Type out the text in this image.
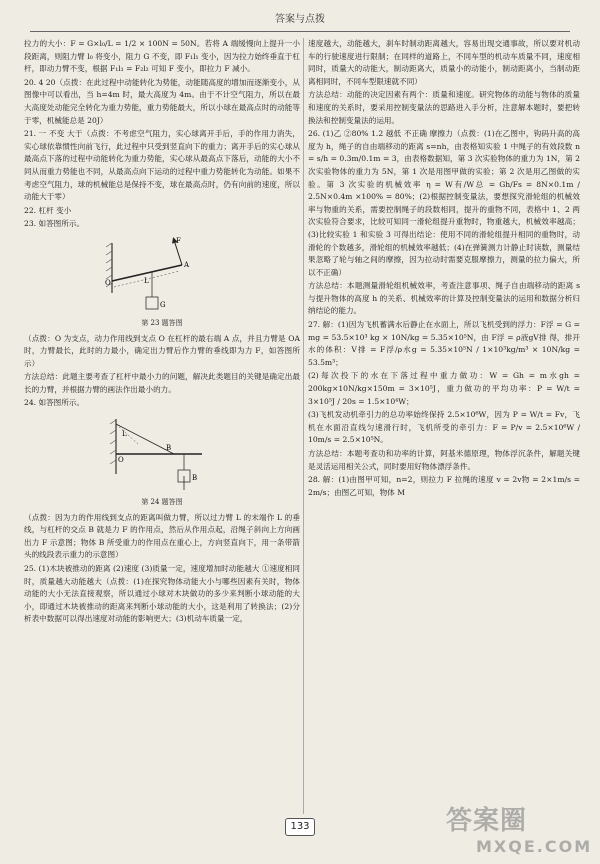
答案与点拨

拉力的大小：F = G×l₀/L = 1/2 × 100N = 50N。若将 A 端缓慢向上提升一小段距离，则阻力臂 l₀ 将变小，阻力 G 不变，即 F₁l₁ 变小，因为拉力始终垂直于杠杆，即动力臂不变，根据 F₁l₁ = F₂l₂ 可知 F 变小，即拉力 F 减小。

20. 4 20（点拨：在此过程中动能转化为势能，动能随高度的增加而逐渐变小，从图像中可以看出，当 h=4m 时，最大高度为 4m。由于不计空气阻力，所以在最大高度处动能完全转化为重力势能，重力势能最大，所以小球在最高点时的动能等于零，机械能总是 20J）

21. 一 不变 大于（点拨：不考虑空气阻力，实心球离开手后，手的作用力消失，实心球依靠惯性向前飞行，此过程中只受到竖直向下的重力；离开手后的实心球从最高点下落的过程中动能转化为重力势能，实心球从最高点下落后，动能的大小不同从而重力势能也不同，从最高点向下运动的过程中重力势能转化为动能。如果不考虑空气阻力，球的机械能总是保持不变，球在最高点时，仍有向前的速度，所以动能大于零）

22. 杠杆 变小

23. 如答图所示。

O
A
F
L
G
第 23 题答图

（点拨：O 为支点，动力作用线到支点 O 在杠杆的最右端 A 点，并且力臂是 OA 时，力臂最长，此时的力最小，确定出力臂后作力臂的垂线即为力 F，如答图所示）

方法总结：此题主要考查了杠杆中最小力的问题，解决此类题目的关键是确定出最长的力臂，并根据力臂的画法作出最小的力。

24. 如答图所示。

B
O
L
B
第 24 题答图

（点拨：因为力的作用线到支点的距离叫做力臂，所以过力臂 L 的末端作 L 的垂线，与杠杆的交点 B 就是力 F 的作用点，然后从作用点起，沿绳子斜向上方向画出力 F 示意图；物体 B 所受重力的作用点在重心上，方向竖直向下，用一条带箭头的线段表示重力的示意图）

25. (1)木块被推动的距离 (2)速度 (3)质量一定，速度增加时动能越大 ①速度相同时，质量越大动能越大（点拨：(1)在探究物体动能大小与哪些因素有关时，物体动能的大小无法直接观察，所以通过小球对木块做功的多少来判断小球动能的大小，即通过木块被推动的距离来判断小球动能的大小，这是利用了转换法；(2)分析表中数据可以得出速度对动能的影响更大；(3)机动车质量一定，

速度越大，动能越大，刹车时制动距离越大，容易出现交通事故，所以要对机动车的行驶速度进行限制；在同样的道路上，不同车型的机动车质量不同，速度相同时，质量大的动能大，制动距离大，质量小的动能小，制动距离小，当制动距离相同时，不同车型限速就不同）

方法总结：动能的决定因素有两个：质量和速度。研究物体的动能与物体的质量和速度的关系时，要采用控制变量法的思路进入手分析，注意解本题时，要把转换法和控制变量法的运用。

26. (1)乙 ②80% 1.2 越低 不正确 摩擦力（点拨：(1)在乙图中，钩码升高的高度为 h，绳子的自由端移动的距离 s=nh，由表格知实验 1 中绳子的有效段数 n = s/h = 0.3m/0.1m = 3，由表格数据知，第 3 次实验物体的重力为 1N，第 2 次实验物体的重力为 5N，第 1 次是用图甲做的实验；第 2 次是用乙图做的实验。第 3 次实验的机械效率 η = W有/W总 = Gh/Fs = 8N×0.1m / 2.5N×0.4m ×100% = 80%；(2)根据控制变量法，要想探究滑轮组的机械效率与物重的关系，需要控制绳子的段数相同，提升的重物不同，表格中 1、2 两次实验符合要求，比较可知同一滑轮组提升重物时，物重越大，机械效率越高；(3)比较实验 1 和实验 3 可得出结论：使用不同的滑轮组提升相同的重物时，动滑轮的个数越多，滑轮组的机械效率越低；(4)在弹簧测力计静止时读数，测量结果忽略了轮与轴之间的摩擦，因为拉动时需要克服摩擦力，测量的拉力偏大，所以不正确）

方法总结：本题测量滑轮组机械效率，考查注意事项、绳子自由端移动的距离 s 与提升物体的高度 h 的关系、机械效率的计算及控制变量法的运用和数据分析归纳结论的能力。

27. 解：(1)因为飞机蓄满水后静止在水面上，所以飞机受到的浮力：F浮 = G = mg = 53.5×10³ kg × 10N/kg = 5.35×10⁵N，由 F浮 = ρ液gV排 得，排开水的体积：V排 = F浮/ρ水g = 5.35×10⁵N / 1×10³kg/m³ × 10N/kg = 53.5m³；

(2)每次投下的水在下落过程中重力做功：W = Gh = m水gh = 200kg×10N/kg×150m = 3×10⁵J，重力做功的平均功率：P = W/t = 3×10⁵J / 20s = 1.5×10⁴W；

(3)飞机发动机牵引力的总功率始终保持 2.5×10⁶W，因为 P = W/t = Fv，飞机在水面沿直线匀速滑行时，飞机所受的牵引力：F = P/v = 2.5×10⁶W / 10m/s = 2.5×10⁵N。

方法总结：本题考查功和功率的计算，阿基米德原理，物体浮沉条件，解题关键是灵活运用相关公式，同时要用好物体漂浮条件。

28. 解：(1)由图甲可知，n=2，则拉力 F 拉绳的速度 v = 2v物 = 2×1m/s = 2m/s；由图乙可知，物体 M

133	答案圈
MXQE.COM
